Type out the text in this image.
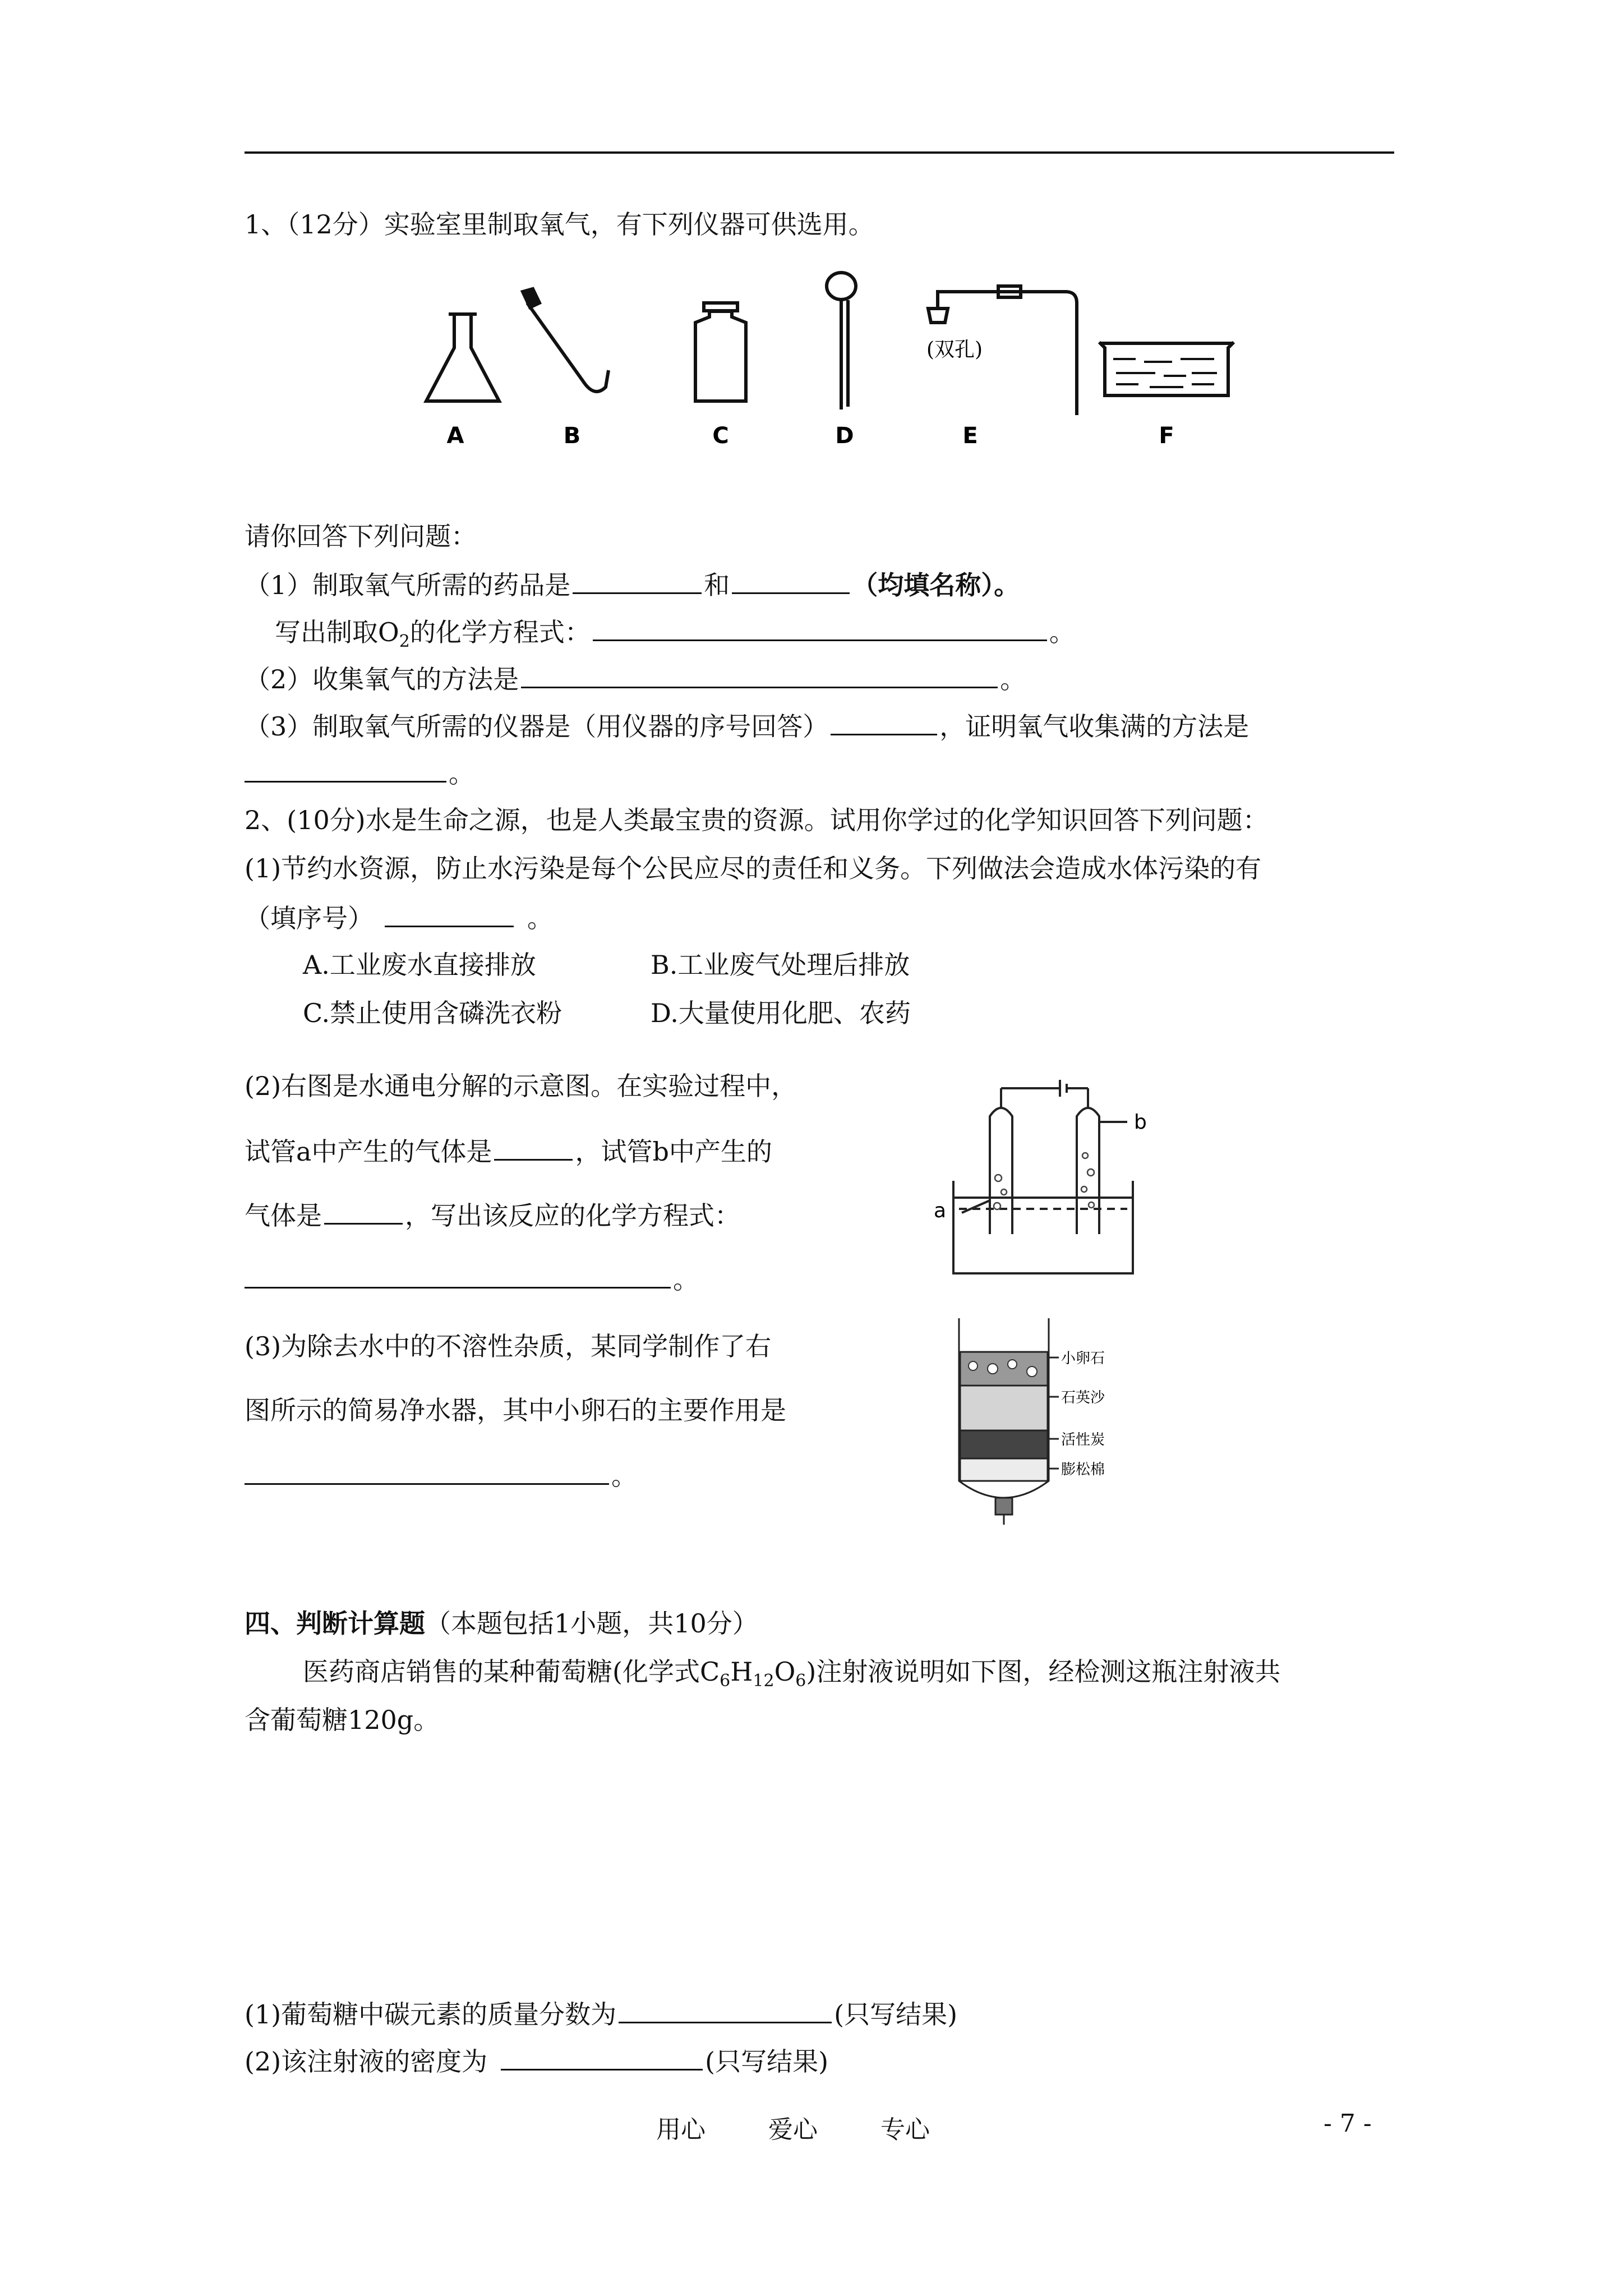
1、（12分）实验室里制取氧气，有下列仪器可供选用。
A	B	C	D	E	F
(双孔)
请你回答下列问题：
（1）制取氧气所需的药品是	和	（均填名称）。
写出制取$O_2$的化学方程式：	。
（2）收集氧气的方法是	。
（3）制取氧气所需的仪器是（用仪器的序号回答）	，证明氧气收集满的方法是
。
2、(10分)水是生命之源，也是人类最宝贵的资源。试用你学过的化学知识回答下列问题：
(1)节约水资源，防止水污染是每个公民应尽的责任和义务。下列做法会造成水体污染的有
（填序号）	。
A.工业废水直接排放	B.工业废气处理后排放
C.禁止使用含磷洗衣粉	D.大量使用化肥、农药
(2)右图是水通电分解的示意图。在实验过程中，
试管a中产生的气体是	，试管b中产生的
气体是	，写出该反应的化学方程式：
。
a
b
(3)为除去水中的不溶性杂质，某同学制作了右
图所示的简易净水器，其中小卵石的主要作用是
。
小卵石
石英沙
活性炭
膨松棉
四、判断计算题（本题包括1小题，共10分）
医药商店销售的某种葡萄糖(化学式$C_6H_{12}O_6$)注射液说明如下图，经检测这瓶注射液共
含葡萄糖120g。
(1)葡萄糖中碳元素的质量分数为	(只写结果)
(2)该注射液的密度为	(只写结果)
用心	爱心	专心	- 7 -
